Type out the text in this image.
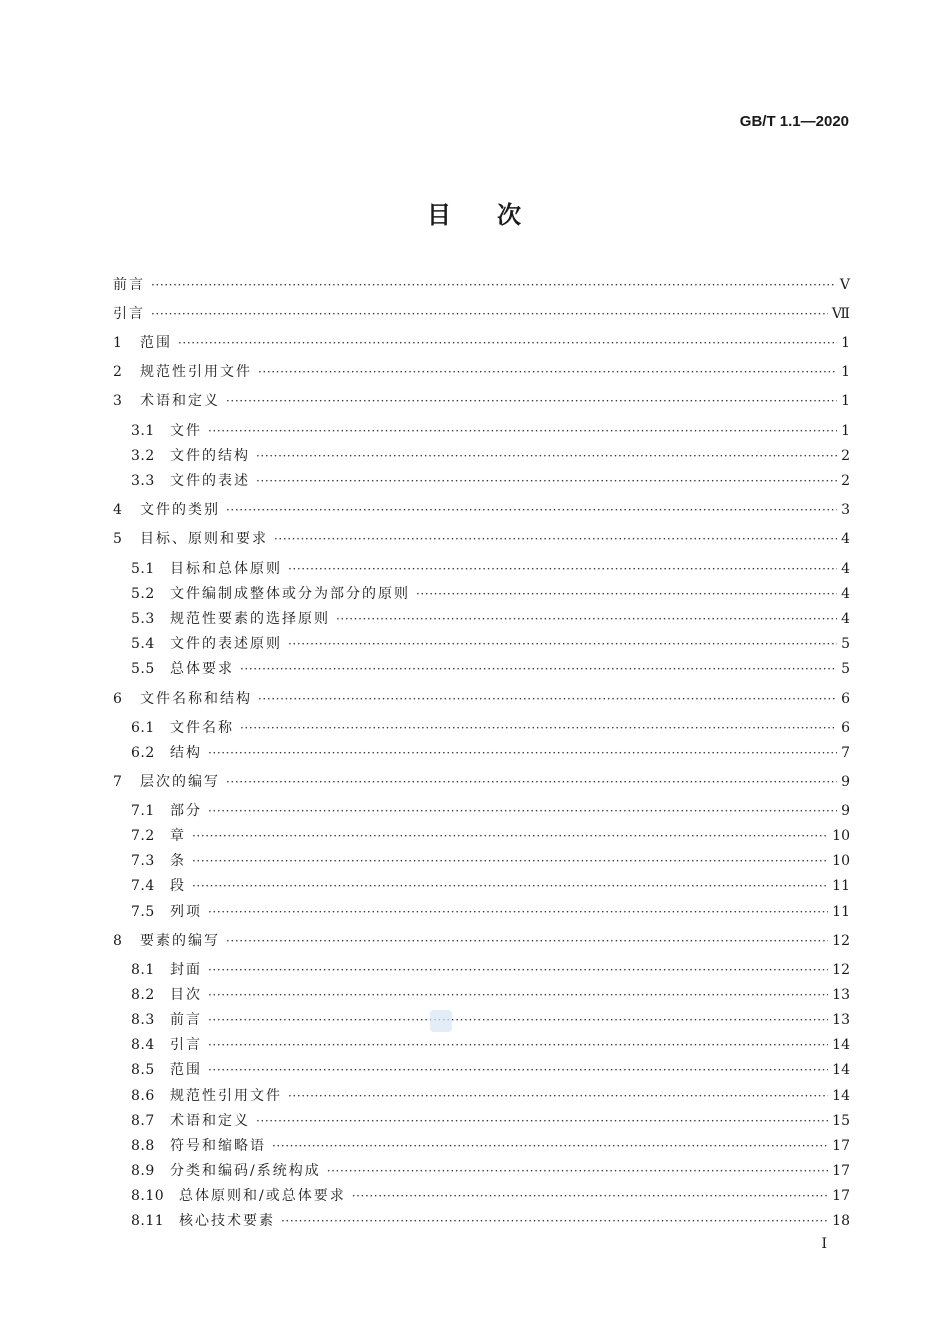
GB/T 1.1—2020
目 次
前言 ·····	Ⅴ
引言 ·····	Ⅶ
1	范围 ·····	1
2	规范性引用文件 ·····	1
3	术语和定义 ·····	1
3.1	文件 ·····	1
3.2	文件的结构 ·····	2
3.3	文件的表述 ·····	2
4	文件的类别 ·····	3
5	目标、原则和要求 ·····	4
5.1	目标和总体原则 ·····	4
5.2	文件编制成整体或分为部分的原则 ·····	4
5.3	规范性要素的选择原则 ·····	4
5.4	文件的表述原则 ·····	5
5.5	总体要求 ·····	5
6	文件名称和结构 ·····	6
6.1	文件名称 ·····	6
6.2	结构 ·····	7
7	层次的编写 ·····	9
7.1	部分 ·····	9
7.2	章 ·····	10
7.3	条 ·····	10
7.4	段 ·····	11
7.5	列项 ·····	11
8	要素的编写 ·····	12
8.1	封面 ·····	12
8.2	目次 ·····	13
8.3	前言 ·····	13
8.4	引言 ·····	14
8.5	范围 ·····	14
8.6	规范性引用文件 ·····	14
8.7	术语和定义 ·····	15
8.8	符号和缩略语 ·····	17
8.9	分类和编码/系统构成 ·····	17
8.10	总体原则和/或总体要求 ·····	17
8.11	核心技术要素 ·····	18
I
